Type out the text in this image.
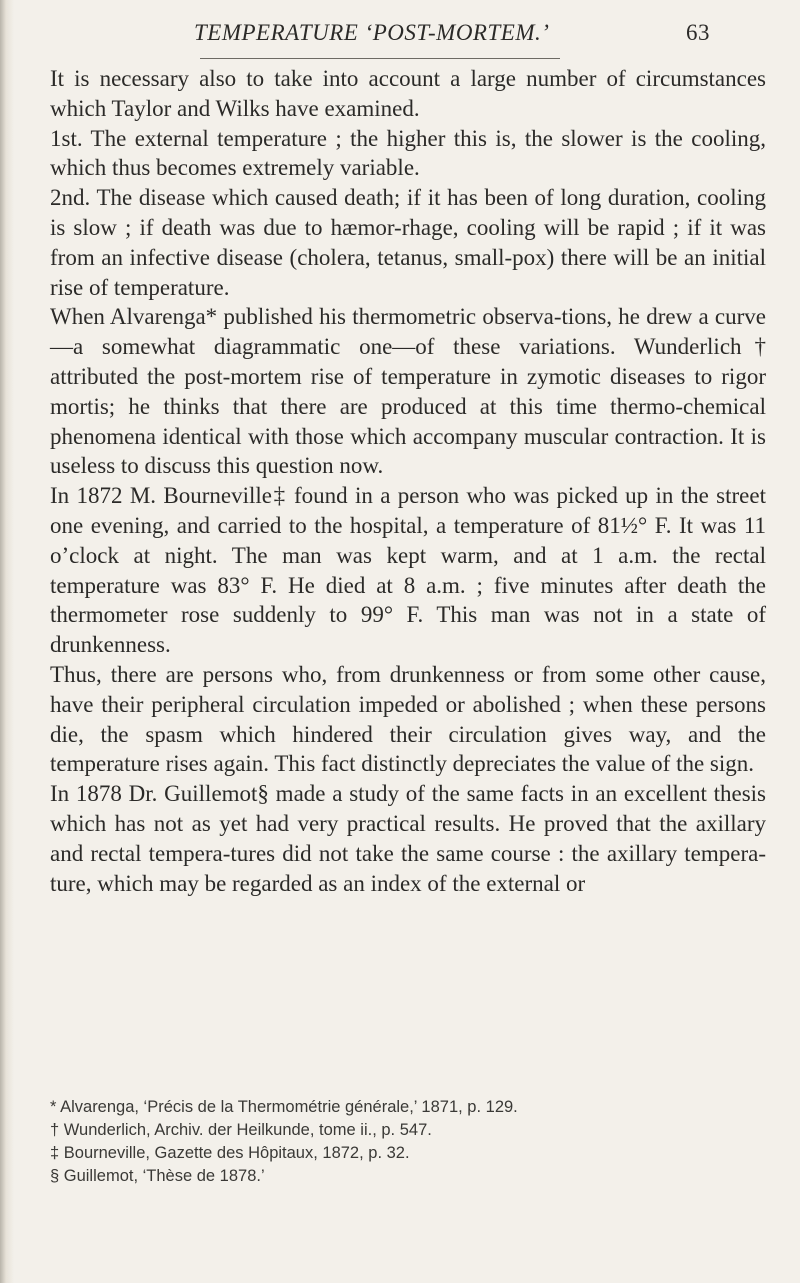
TEMPERATURE ‘POST-MORTEM.’	63

It is necessary also to take into account a large number of circumstances which Taylor and Wilks have examined.

1st. The external temperature ; the higher this is, the slower is the cooling, which thus becomes extremely variable.

2nd. The disease which caused death; if it has been of long duration, cooling is slow ; if death was due to hæmor-rhage, cooling will be rapid ; if it was from an infective disease (cholera, tetanus, small-pox) there will be an initial rise of temperature.

When Alvarenga* published his thermometric observa-tions, he drew a curve—a somewhat diagrammatic one—of these variations. Wunderlich† attributed the post-mortem rise of temperature in zymotic diseases to rigor mortis; he thinks that there are produced at this time thermo-chemical phenomena identical with those which accompany muscular contraction. It is useless to discuss this question now.

In 1872 M. Bourneville‡ found in a person who was picked up in the street one evening, and carried to the hospital, a temperature of 81½° F. It was 11 o’clock at night. The man was kept warm, and at 1 a.m. the rectal temperature was 83° F. He died at 8 a.m. ; five minutes after death the thermometer rose suddenly to 99° F. This man was not in a state of drunkenness.

Thus, there are persons who, from drunkenness or from some other cause, have their peripheral circulation impeded or abolished ; when these persons die, the spasm which hindered their circulation gives way, and the temperature rises again. This fact distinctly depreciates the value of the sign.

In 1878 Dr. Guillemot§ made a study of the same facts in an excellent thesis which has not as yet had very practical results. He proved that the axillary and rectal tempera-tures did not take the same course : the axillary tempera-ture, which may be regarded as an index of the external or

* Alvarenga, ‘Précis de la Thermométrie générale,’ 1871, p. 129.

† Wunderlich, Archiv. der Heilkunde, tome ii., p. 547.

‡ Bourneville, Gazette des Hôpitaux, 1872, p. 32.

§ Guillemot, ‘Thèse de 1878.’
